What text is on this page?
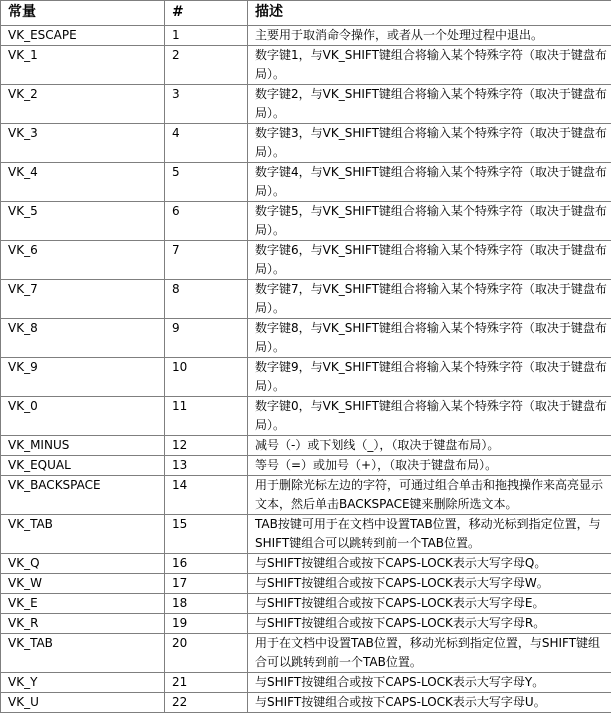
常量	#	描述
VK_ESCAPE	1	主要用于取消命令操作，或者从一个处理过程中退出。
VK_1	2	数字键1，与VK_SHIFT键组合将输入某个特殊字符（取决于键盘布局）。
VK_2	3	数字键2，与VK_SHIFT键组合将输入某个特殊字符（取决于键盘布局）。
VK_3	4	数字键3，与VK_SHIFT键组合将输入某个特殊字符（取决于键盘布局）。
VK_4	5	数字键4，与VK_SHIFT键组合将输入某个特殊字符（取决于键盘布局）。
VK_5	6	数字键5，与VK_SHIFT键组合将输入某个特殊字符（取决于键盘布局）。
VK_6	7	数字键6，与VK_SHIFT键组合将输入某个特殊字符（取决于键盘布局）。
VK_7	8	数字键7，与VK_SHIFT键组合将输入某个特殊字符（取决于键盘布局）。
VK_8	9	数字键8，与VK_SHIFT键组合将输入某个特殊字符（取决于键盘布局）。
VK_9	10	数字键9，与VK_SHIFT键组合将输入某个特殊字符（取决于键盘布局）。
VK_0	11	数字键0，与VK_SHIFT键组合将输入某个特殊字符（取决于键盘布局）。
VK_MINUS	12	减号（-）或下划线（_），（取决于键盘布局）。
VK_EQUAL	13	等号（=）或加号（+），（取决于键盘布局）。
VK_BACKSPACE	14	用于删除光标左边的字符，可通过组合单击和拖拽操作来高亮显示文本，然后单击BACKSPACE键来删除所选文本。
VK_TAB	15	TAB按键可用于在文档中设置TAB位置，移动光标到指定位置，与SHIFT键组合可以跳转到前一个TAB位置。
VK_Q	16	与SHIFT按键组合或按下CAPS-LOCK表示大写字母Q。
VK_W	17	与SHIFT按键组合或按下CAPS-LOCK表示大写字母W。
VK_E	18	与SHIFT按键组合或按下CAPS-LOCK表示大写字母E。
VK_R	19	与SHIFT按键组合或按下CAPS-LOCK表示大写字母R。
VK_TAB	20	用于在文档中设置TAB位置，移动光标到指定位置，与SHIFT键组合可以跳转到前一个TAB位置。
VK_Y	21	与SHIFT按键组合或按下CAPS-LOCK表示大写字母Y。
VK_U	22	与SHIFT按键组合或按下CAPS-LOCK表示大写字母U。
